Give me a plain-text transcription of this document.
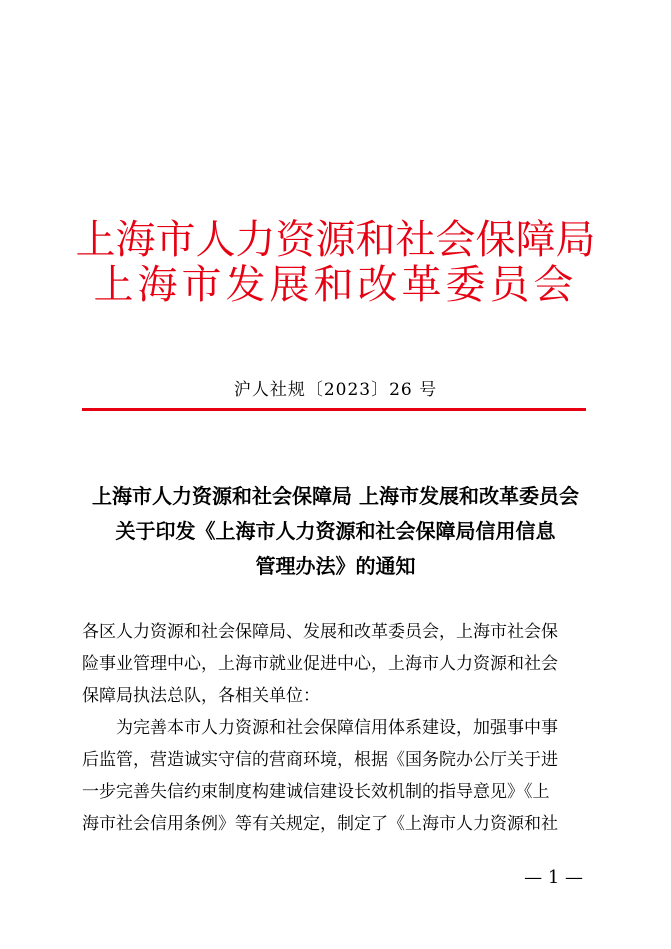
上海市人力资源和社会保障局
上海市发展和改革委员会
沪人社规〔2023〕26 号
上海市人力资源和社会保障局 上海市发展和改革委员会
关于印发《上海市人力资源和社会保障局信用信息
管理办法》的通知
各区人力资源和社会保障局、发展和改革委员会，上海市社会保
险事业管理中心，上海市就业促进中心，上海市人力资源和社会
保障局执法总队，各相关单位：
为完善本市人力资源和社会保障信用体系建设，加强事中事
后监管，营造诚实守信的营商环境，根据《国务院办公厅关于进
一步完善失信约束制度构建诚信建设长效机制的指导意见》《上
海市社会信用条例》等有关规定，制定了《上海市人力资源和社
— 1 —
